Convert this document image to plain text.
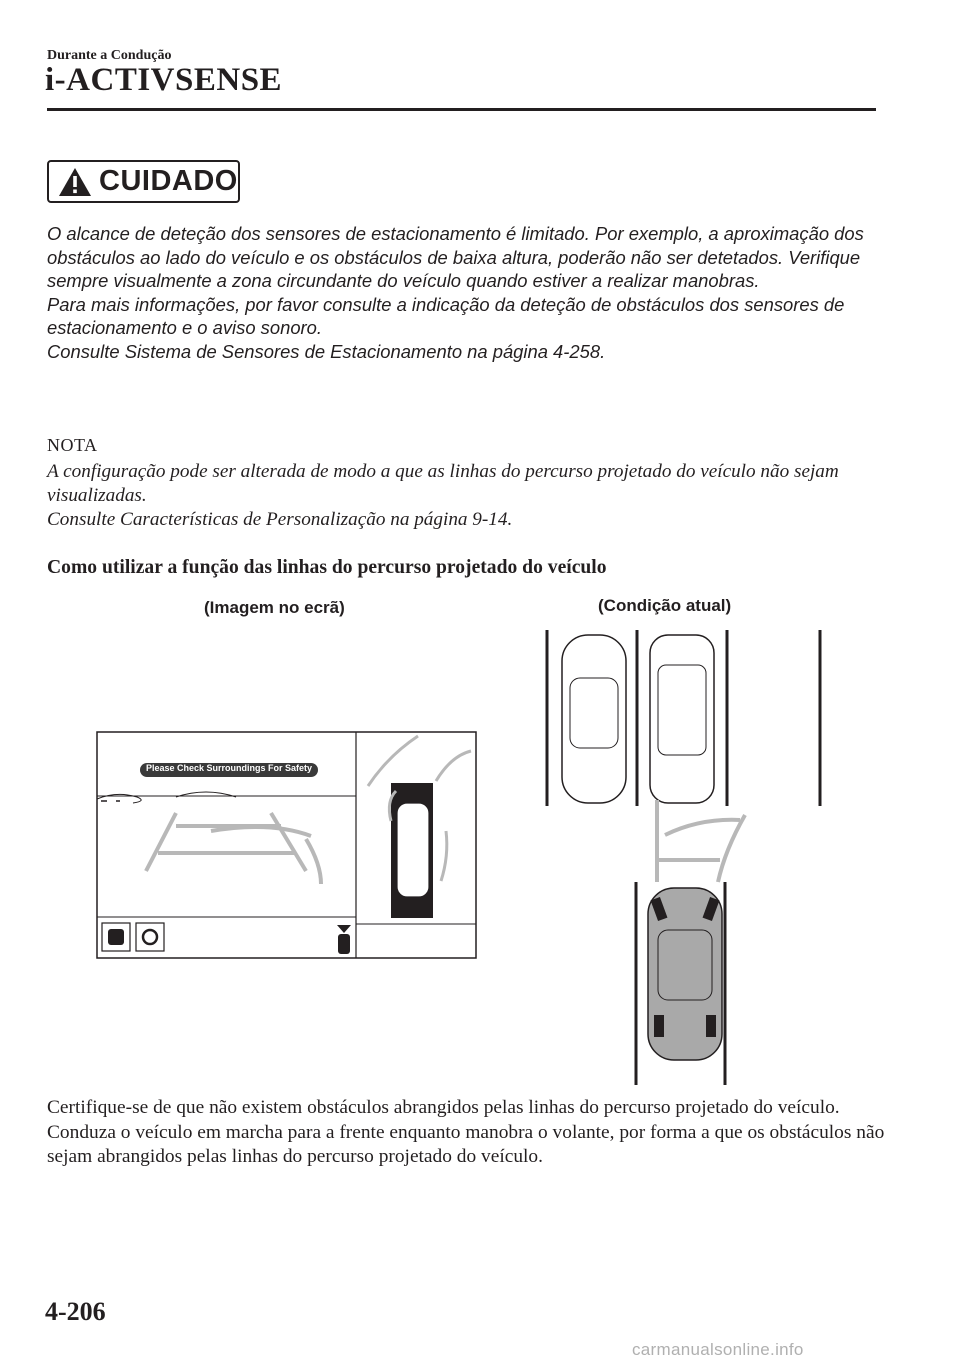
Durante a Condução
i-ACTIVSENSE
CUIDADO

O alcance de deteção dos sensores de estacionamento é limitado. Por exemplo, a aproximação dos obstáculos ao lado do veículo e os obstáculos de baixa altura, poderão não ser detetados. Verifique sempre visualmente a zona circundante do veículo quando estiver a realizar manobras.

Para mais informações, por favor consulte a indicação da deteção de obstáculos dos sensores de estacionamento e o aviso sonoro.

Consulte Sistema de Sensores de Estacionamento na página 4-258.

NOTA

A configuração pode ser alterada de modo a que as linhas do percurso projetado do veículo não sejam visualizadas.

Consulte Características de Personalização na página 9-14.

Como utilizar a função das linhas do percurso projetado do veículo
(Imagem no ecrã)	(Condição atual)
Please Check Surroundings For Safety

Certifique-se de que não existem obstáculos abrangidos pelas linhas do percurso projetado do veículo.

Conduza o veículo em marcha para a frente enquanto manobra o volante, por forma a que os obstáculos não sejam abrangidos pelas linhas do percurso projetado do veículo.

4-206
carmanualsonline.info
